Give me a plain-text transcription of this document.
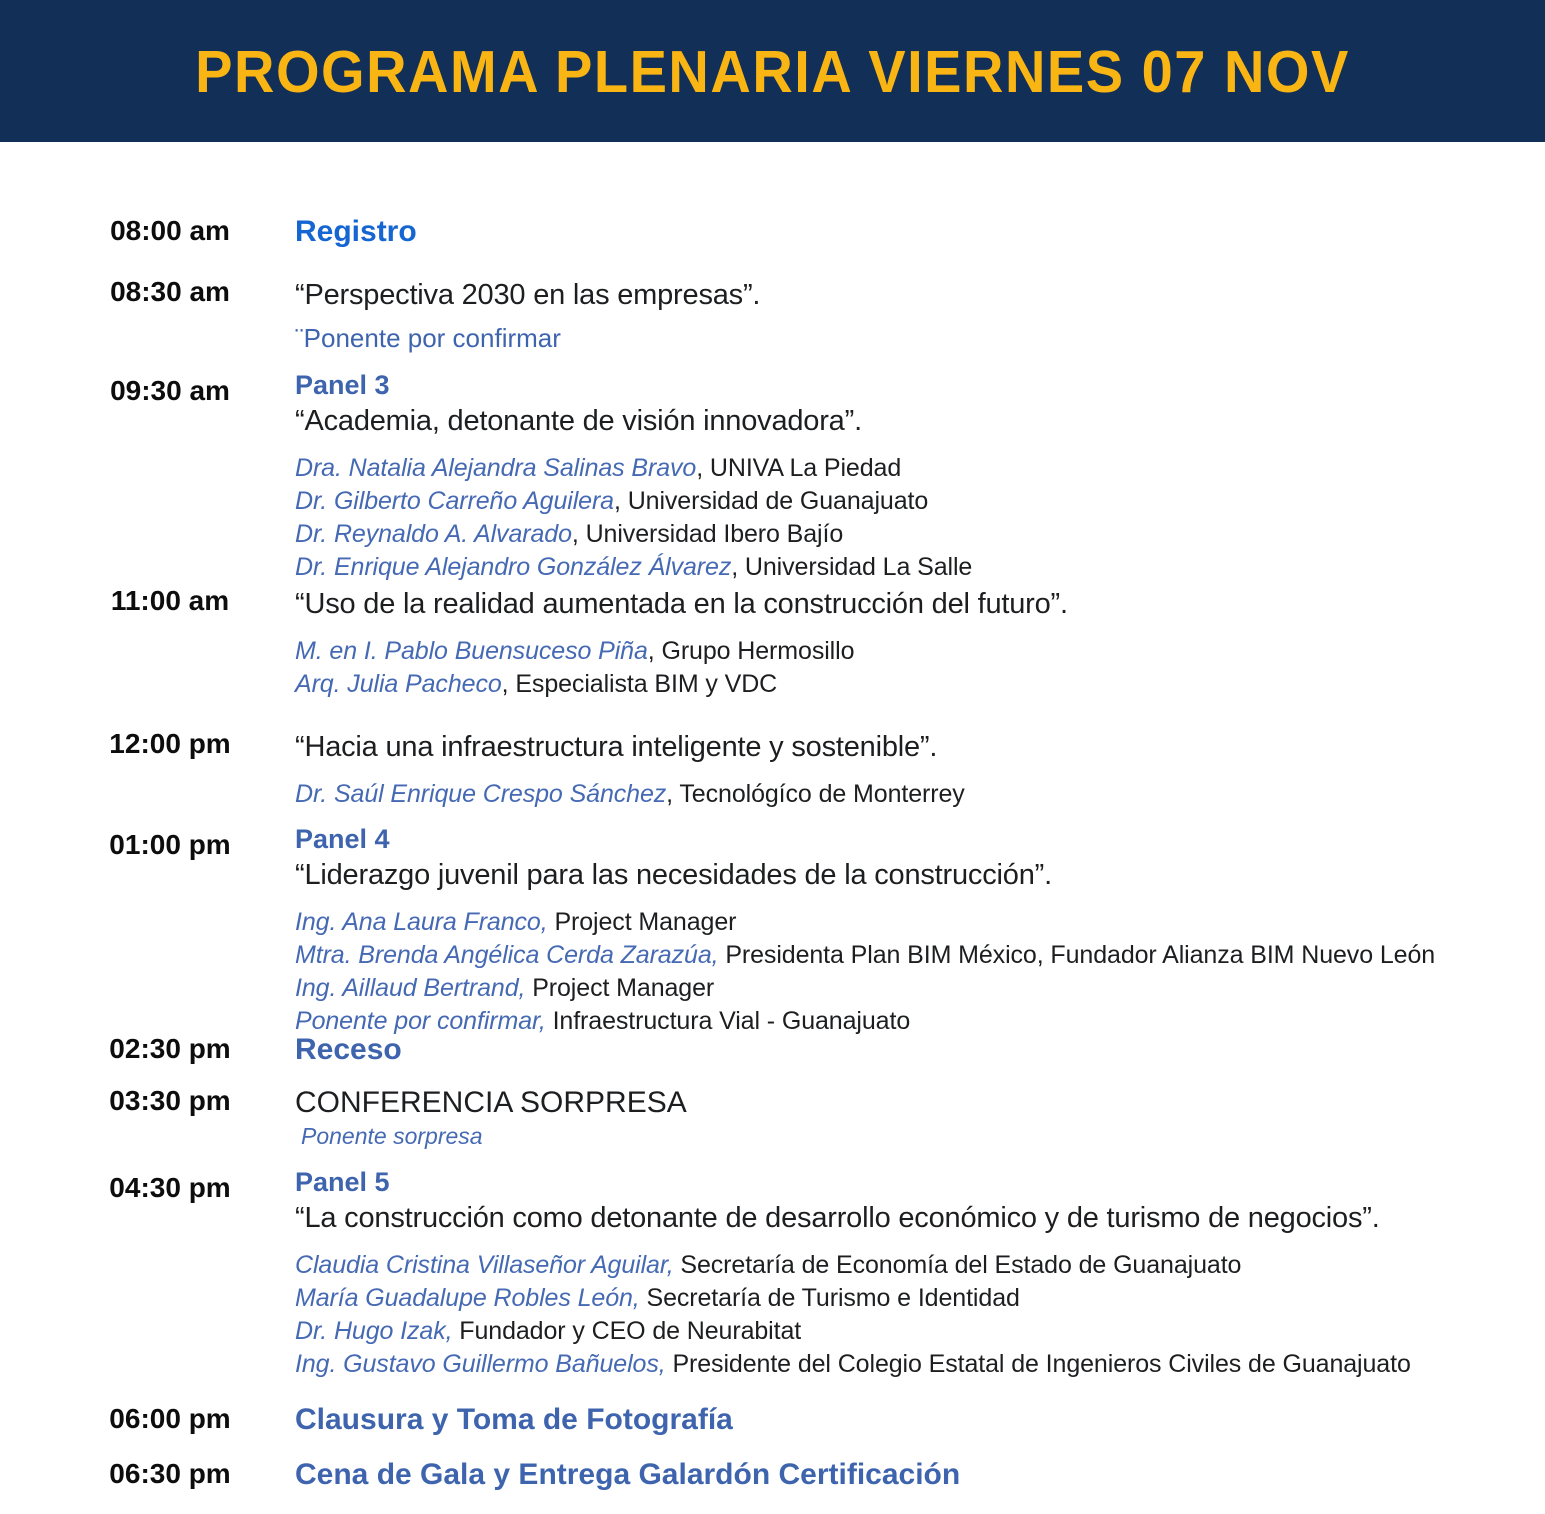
PROGRAMA PLENARIA VIERNES 07 NOV
08:00 am	Registro
08:30 am	“Perspectiva 2030 en las empresas”.
¨Ponente por confirmar
09:30 am	Panel 3
“Academia, detonante de visión innovadora”.
Dra. Natalia Alejandra Salinas Bravo, UNIVA La Piedad
Dr. Gilberto Carreño Aguilera, Universidad de Guanajuato
Dr. Reynaldo A. Alvarado, Universidad Ibero Bajío
Dr. Enrique Alejandro González Álvarez, Universidad La Salle
11:00 am	“Uso de la realidad aumentada en la construcción del futuro”.
M. en I. Pablo Buensuceso Piña, Grupo Hermosillo
Arq. Julia Pacheco, Especialista BIM y VDC
12:00 pm	“Hacia una infraestructura inteligente y sostenible”.
Dr. Saúl Enrique Crespo Sánchez, Tecnológíco de Monterrey
01:00 pm	Panel 4
“Liderazgo juvenil para las necesidades de la construcción”.
Ing. Ana Laura Franco, Project Manager
Mtra. Brenda Angélica Cerda Zarazúa, Presidenta Plan BIM México, Fundador Alianza BIM Nuevo León
Ing. Aillaud Bertrand, Project Manager
Ponente por confirmar, Infraestructura Vial - Guanajuato
02:30 pm	Receso
03:30 pm	CONFERENCIA SORPRESA
Ponente sorpresa
04:30 pm	Panel 5
“La construcción como detonante de desarrollo económico y de turismo de negocios”.
Claudia Cristina Villaseñor Aguilar, Secretaría de Economía del Estado de Guanajuato
María Guadalupe Robles León, Secretaría de Turismo e Identidad
Dr. Hugo Izak, Fundador y CEO de Neurabitat
Ing. Gustavo Guillermo Bañuelos, Presidente del Colegio Estatal de Ingenieros Civiles de Guanajuato
06:00 pm	Clausura y Toma de Fotografía
06:30 pm	Cena de Gala y Entrega Galardón Certificación
